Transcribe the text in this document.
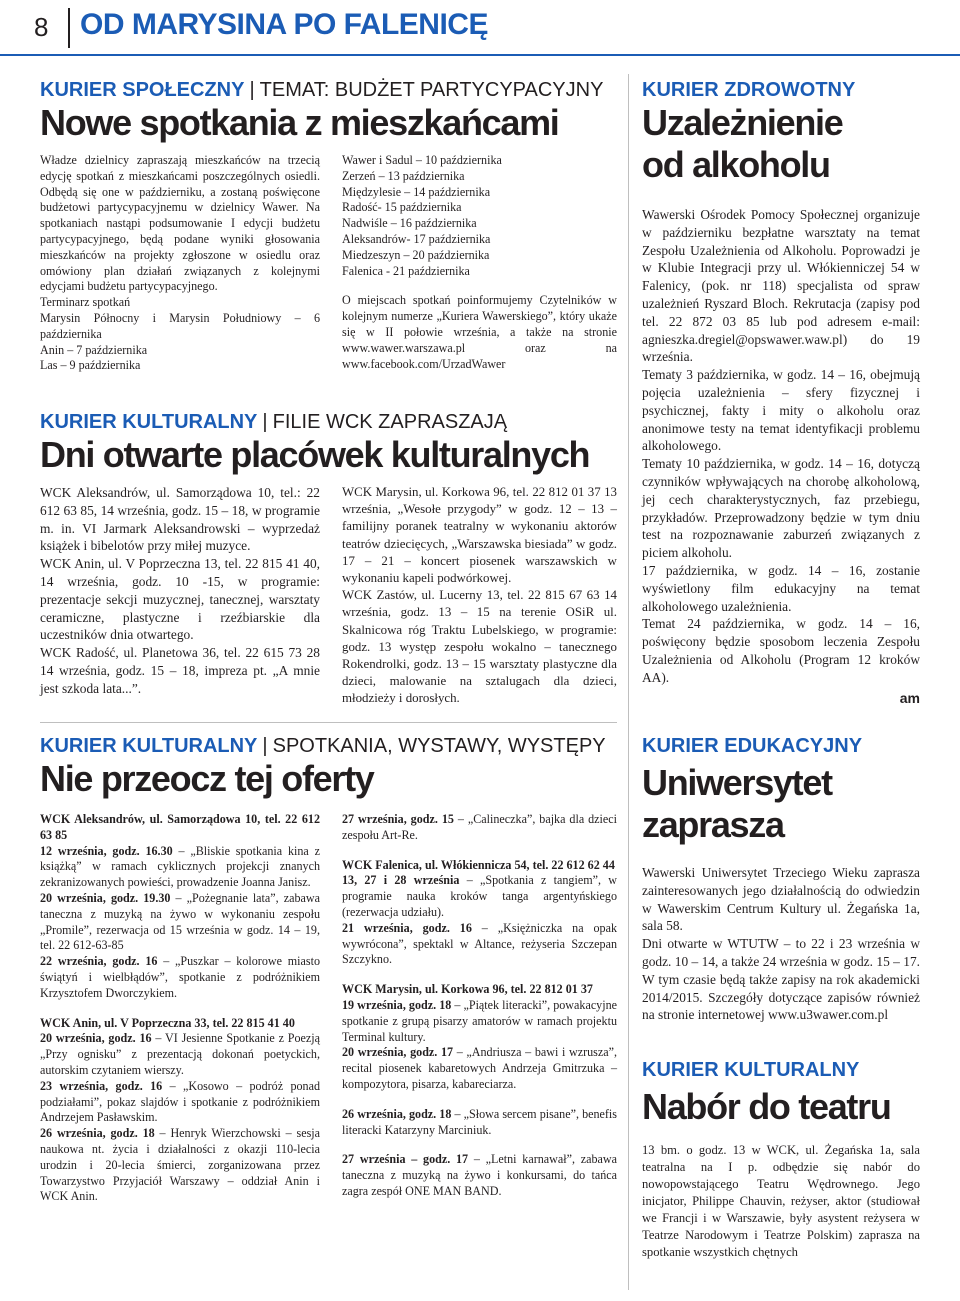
8 OD MARYSINA PO FALENICĘ
KURIER SPOŁECZNY | TEMAT: BUDŻET PARTYCYPACYJNY
Nowe spotkania z mieszkańcami

Władze dzielnicy zapraszają mieszkańców na trzecią edycję spotkań z mieszkańcami poszczególnych osiedli. Odbędą się one w październiku, a zostaną poświęcone budżetowi partycypacyjnemu w dzielnicy Wawer. Na spotkaniach nastąpi podsumowanie I edycji budżetu partycypacyjnego, będą podane wyniki głosowania mieszkańców na projekty zgłoszone w osiedlu oraz omówiony plan działań związanych z kolejnymi edycjami budżetu partycypacyjnego.

Terminarz spotkań

Marysin Północny i Marysin Południowy – 6 października

Anin – 7 października

Las – 9 października

Wawer i Sadul – 10 października

Zerzeń – 13 października

Międzylesie – 14 października

Radość- 15 października

Nadwiśle – 16 października

Aleksandrów- 17 października

Miedzeszyn – 20 października

Falenica - 21 października

O miejscach spotkań poinformujemy Czytelników w kolejnym numerze „Kuriera Wawerskiego”, który ukaże się w II połowie września, a także na stronie www.wawer.warszawa.pl oraz na www.facebook.com/UrzadWawer

KURIER KULTURALNY | FILIE WCK ZAPRASZAJĄ
Dni otwarte placówek kulturalnych

WCK Aleksandrów, ul. Samorządowa 10, tel.: 22 612 63 85, 14 września, godz. 15 – 18, w programie m. in. VI Jarmark Aleksandrowski – wyprzedaż książek i bibelotów przy miłej muzyce.

WCK Anin, ul. V Poprzeczna 13, tel. 22 815 41 40, 14 września, godz. 10 -15, w programie: prezentacje sekcji muzycznej, tanecznej, warsztaty ceramiczne, plastyczne i rzeźbiarskie dla uczestników dnia otwartego.

WCK Radość, ul. Planetowa 36, tel. 22 615 73 28 14 września, godz. 15 – 18, impreza pt. „A mnie jest szkoda lata...”.

WCK Marysin, ul. Korkowa 96, tel. 22 812 01 37 13 września, „Wesołe przygody” w godz. 12 – 13 – familijny poranek teatralny w wykonaniu aktorów teatrów dziecięcych, „Warszawska biesiada” w godz. 17 – 21 – koncert piosenek warszawskich w wykonaniu kapeli podwórkowej.

WCK Zastów, ul. Lucerny 13, tel. 22 815 67 63 14 września, godz. 13 – 15 na terenie OSiR ul. Skalnicowa róg Traktu Lubelskiego, w programie: godz. 13 występ zespołu wokalno – tanecznego Rokendrolki, godz. 13 – 15 warsztaty plastyczne dla dzieci, malowanie na sztalugach dla dzieci, młodzieży i dorosłych.

KURIER KULTURALNY | SPOTKANIA, WYSTAWY, WYSTĘPY
Nie przeocz tej oferty

WCK Aleksandrów, ul. Samorządowa 10, tel. 22 612 63 85

12 września, godz. 16.30 – „Bliskie spotkania kina z książką” w ramach cyklicznych projekcji znanych zekranizowanych powieści, prowadzenie Joanna Janisz.

20 września, godz. 19.30 – „Pożegnanie lata”, zabawa taneczna z muzyką na żywo w wykonaniu zespołu „Promile”, rezerwacja od 15 września w godz. 14 – 19, tel. 22 612-63-85

22 września, godz. 16 – „Puszkar – kolorowe miasto świątyń i wielbłądów”, spotkanie z podróżnikiem Krzysztofem Dworczykiem.

WCK Anin, ul. V Poprzeczna 33, tel. 22 815 41 40

20 września, godz. 16 – VI Jesienne Spotkanie z Poezją „Przy ognisku” z prezentacją dokonań poetyckich, autorskim czytaniem wierszy.

23 września, godz. 16 – „Kosowo – podróż ponad podziałami”, pokaz slajdów i spotkanie z podróżnikiem Andrzejem Pasławskim.

26 września, godz. 18 – Henryk Wierzchowski – sesja naukowa nt. życia i działalności z okazji 110-lecia urodzin i 20-lecia śmierci, zorganizowana przez Towarzystwo Przyjaciół Warszawy – oddział Anin i WCK Anin.

27 września, godz. 15 – „Calineczka”, bajka dla dzieci zespołu Art-Re.

WCK Falenica, ul. Włókiennicza 54, tel. 22 612 62 44

13, 27 i 28 września – „Spotkania z tangiem”, w programie nauka kroków tanga argentyńskiego (rezerwacja udziału).

21 września, godz. 16 – „Księżniczka na opak wywrócona”, spektakl w Altance, reżyseria Szczepan Szczykno.

WCK Marysin, ul. Korkowa 96, tel. 22 812 01 37

19 września, godz. 18 – „Piątek literacki”, powakacyjne spotkanie z grupą pisarzy amatorów w ramach projektu Terminal kultury.

20 września, godz. 17 – „Andriusza – bawi i wzrusza”, recital piosenek kabaretowych Andrzeja Gmitrzuka – kompozytora, pisarza, kabareciarza.

26 września, godz. 18 – „Słowa sercem pisane”, benefis literacki Katarzyny Marciniuk.

27 września – godz. 17 – „Letni karnawał”, zabawa taneczna z muzyką na żywo i konkursami, do tańca zagra zespół ONE MAN BAND.

KURIER ZDROWOTNY
Uzależnienie
od alkoholu

Wawerski Ośrodek Pomocy Społecznej organizuje w październiku bezpłatne warsztaty na temat Zespołu Uzależnienia od Alkoholu. Poprowadzi je w Klubie Integracji przy ul. Włókienniczej 54 w Falenicy, (pok. nr 118) specjalista od spraw uzależnień Ryszard Bloch. Rekrutacja (zapisy pod tel. 22 872 03 85 lub pod adresem e-mail: agnieszka.dregiel@opswawer.waw.pl) do 19 września.

Tematy 3 października, w godz. 14 – 16, obejmują pojęcia uzależnienia – sfery fizycznej i psychicznej, fakty i mity o alkoholu oraz anonimowe testy na temat identyfikacji problemu alkoholowego.

Tematy 10 października, w godz. 14 – 16, dotyczą czynników wpływających na chorobę alkoholową, jej cech charakterystycznych, faz przebiegu, przykładów. Przeprowadzony będzie w tym dniu test na rozpoznawanie zaburzeń związanych z piciem alkoholu.

17 października, w godz. 14 – 16, zostanie wyświetlony film edukacyjny na temat alkoholowego uzależnienia.

Temat 24 października, w godz. 14 – 16, poświęcony będzie sposobom leczenia Zespołu Uzależnienia od Alkoholu (Program 12 kroków AA).

am
KURIER EDUKACYJNY
Uniwersytet
zaprasza

Wawerski Uniwersytet Trzeciego Wieku zaprasza zainteresowanych jego działalnością do odwiedzin w Wawerskim Centrum Kultury ul. Żegańska 1a, sala 58.

Dni otwarte w WTUTW – to 22 i 23 września w godz. 10 – 14, a także 24 września w godz. 15 – 17. W tym czasie będą także zapisy na rok akademicki 2014/2015. Szczegóły dotyczące zapisów również na stronie internetowej www.u3wawer.com.pl

KURIER KULTURALNY
Nabór do teatru

13 bm. o godz. 13 w WCK, ul. Żegańska 1a, sala teatralna na I p. odbędzie się nabór do nowopowstającego Teatru Wędrownego. Jego inicjator, Philippe Chauvin, reżyser, aktor (studiował we Francji i w Warszawie, były asystent reżysera w Teatrze Narodowym i Teatrze Polskim) zaprasza na spotkanie wszystkich chętnych
